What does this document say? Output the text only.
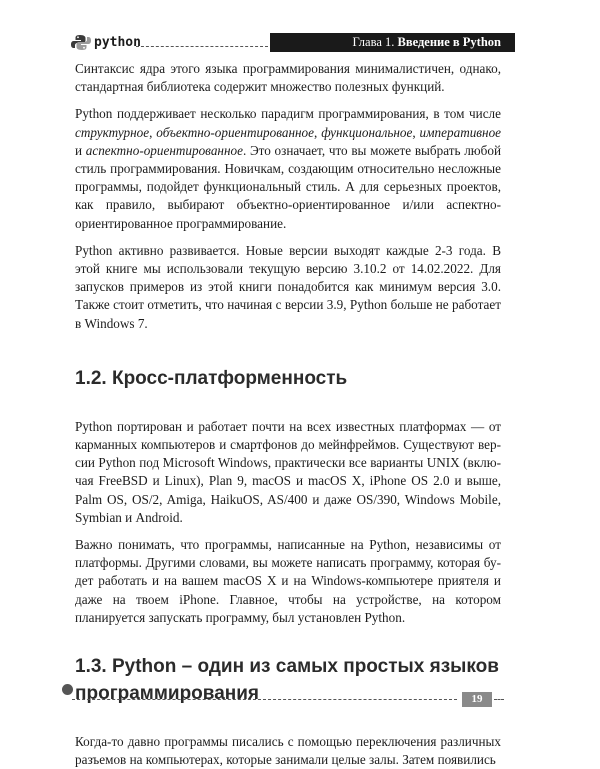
python	Глава 1. Введение в Python

Синтаксис ядра этого языка программирования минималистичен, однако, стандартная библиотека содержит множество полезных функций.

Python поддерживает несколько парадигм программирования, в том числе структурное, объектно-ориентированное, функциональное, императивное и аспектно-ориентированное. Это означает, что вы можете выбрать любой стиль программирования. Новичкам, создающим относительно несложные программы, подойдет функциональный стиль. А для серьезных проектов, как правило, выбирают объектно-ориентированное и/или аспектно-ориентированное программирование.

Python активно развивается. Новые версии выходят каждые 2-3 года. В этой книге мы использовали текущую версию 3.10.2 от 14.02.2022. Для запусков примеров из этой книги понадобится как минимум версия 3.0. Также стоит отметить, что начиная с версии 3.9, Python больше не работает в Windows 7.

1.2. Кросс-платформенность

Python портирован и работает почти на всех известных платформах — от карманных компьютеров и смартфонов до мейнфреймов. Существуют версии Python под Microsoft Windows, практически все варианты UNIX (включая FreeBSD и Linux), Plan 9, macOS и macOS X, iPhone OS 2.0 и выше, Palm OS, OS/2, Amiga, HaikuOS, AS/400 и даже OS/390, Windows Mobile, Symbian и Android.

Важно понимать, что программы, написанные на Python, независимы от платформы. Другими словами, вы можете написать программу, которая будет работать и на вашем macOS X и на Windows-компьютере приятеля и даже на твоем iPhone. Главное, чтобы на устройстве, на котором планируется запускать программу, был установлен Python.

1.3. Python – один из самых простых языков программирования

Когда-то давно программы писались с помощью переключения различных разъемов на компьютерах, которые занимали целые залы. Затем появились

19
